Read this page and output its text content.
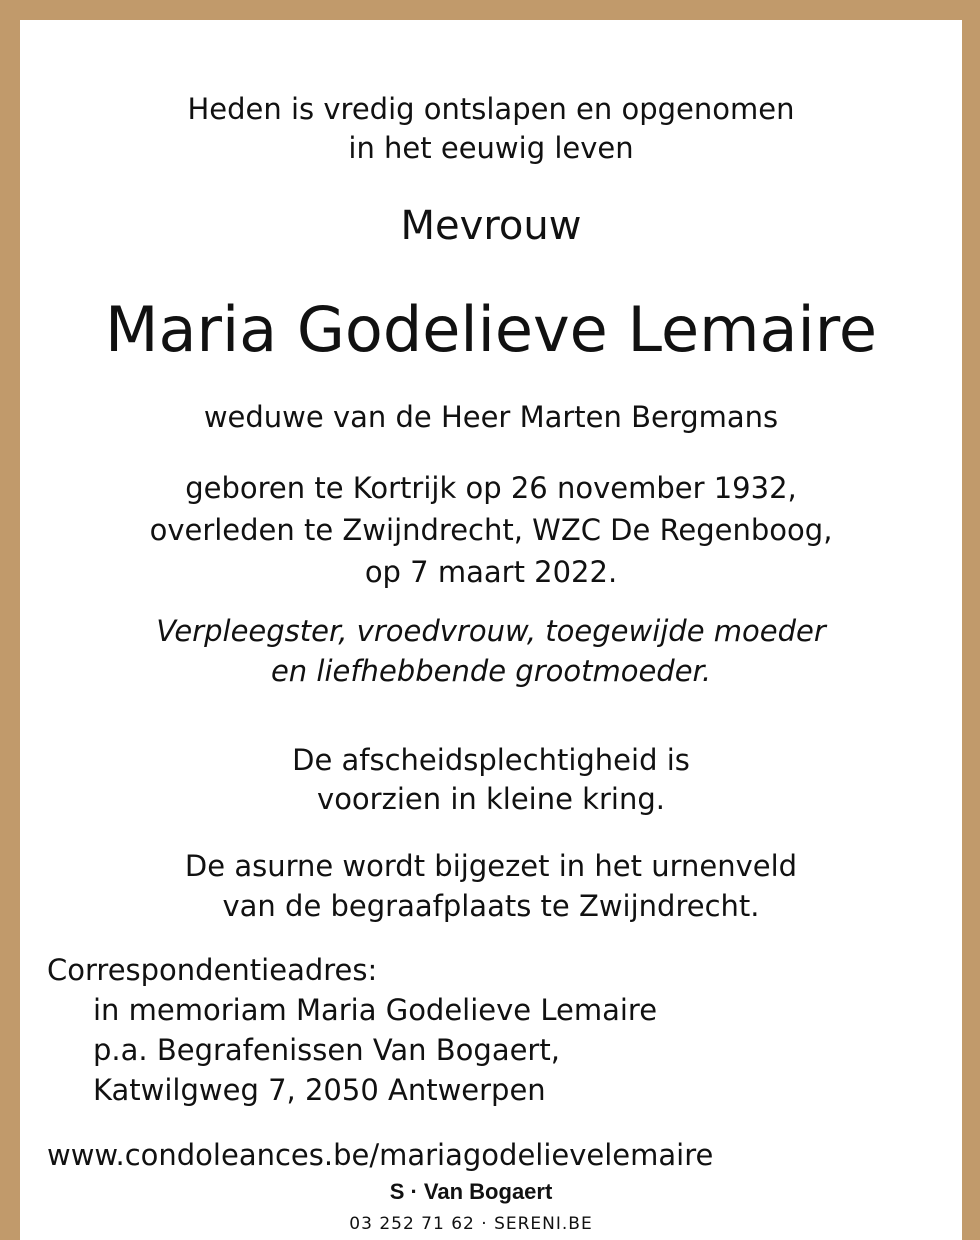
Heden is vredig ontslapen en opgenomen
in het eeuwig leven
Mevrouw
Maria Godelieve Lemaire
weduwe van de Heer Marten Bergmans
geboren te Kortrijk op 26 november 1932,
overleden te Zwijndrecht, WZC De Regenboog,
op 7 maart 2022.
Verpleegster, vroedvrouw, toegewijde moeder
en liefhebbende grootmoeder.
De afscheidsplechtigheid is
voorzien in kleine kring.
De asurne wordt bijgezet in het urnenveld
van de begraafplaats te Zwijndrecht.
Correspondentieadres:
in memoriam Maria Godelieve Lemaire
p.a. Begrafenissen Van Bogaert,
Katwilgweg 7, 2050 Antwerpen
www.condoleances.be/mariagodelievelemaire
S · Van Bogaert
03 252 71 62 · SERENI.BE
